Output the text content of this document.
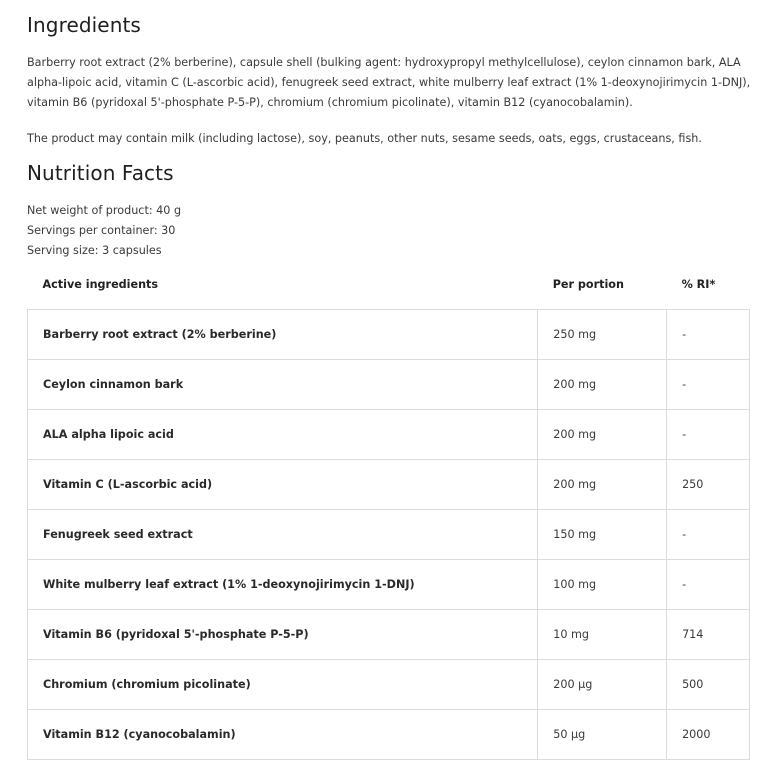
Ingredients

Barberry root extract (2% berberine), capsule shell (bulking agent: hydroxypropyl methylcellulose), ceylon cinnamon bark, ALA alpha-lipoic acid, vitamin C (L-ascorbic acid), fenugreek seed extract, white mulberry leaf extract (1% 1-deoxynojirimycin 1-DNJ), vitamin B6 (pyridoxal 5'-phosphate P-5-P), chromium (chromium picolinate), vitamin B12 (cyanocobalamin).

The product may contain milk (including lactose), soy, peanuts, other nuts, sesame seeds, oats, eggs, crustaceans, fish.

Nutrition Facts
Net weight of product: 40 g
Servings per container: 30
Serving size: 3 capsules
Active ingredients	Per portion	% RI*
Barberry root extract (2% berberine)	250 mg	-
Ceylon cinnamon bark	200 mg	-
ALA alpha lipoic acid	200 mg	-
Vitamin C (L-ascorbic acid)	200 mg	250
Fenugreek seed extract	150 mg	-
White mulberry leaf extract (1% 1-deoxynojirimycin 1-DNJ)	100 mg	-
Vitamin B6 (pyridoxal 5'-phosphate P-5-P)	10 mg	714
Chromium (chromium picolinate)	200 µg	500
Vitamin B12 (cyanocobalamin)	50 µg	2000
